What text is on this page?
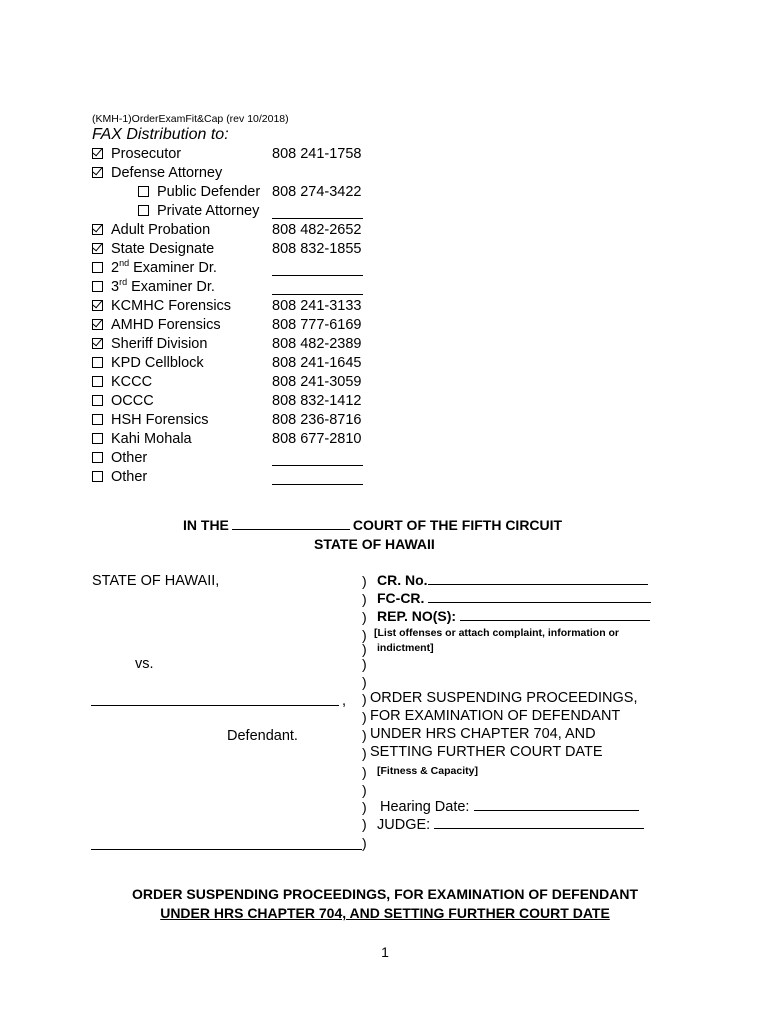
(KMH-1)OrderExamFit&Cap (rev 10/2018)
FAX Distribution to:
Prosecutor	808 241-1758
Defense Attorney
Public Defender 808 274-3422
Private Attorney
Adult Probation	808 482-2652
State Designate	808 832-1855
2nd Examiner Dr.
3rd Examiner Dr.
KCMHC Forensics	808 241-3133
AMHD Forensics	808 777-6169
Sheriff Division	808 482-2389
KPD Cellblock	808 241-1645
KCCC	808 241-3059
OCCC	808 832-1412
HSH Forensics	808 236-8716
Kahi Mohala	808 677-2810
Other
Other
IN THE	COURT OF THE FIFTH CIRCUIT
STATE OF HAWAII
STATE OF HAWAII,
vs.
,
Defendant.
)
)
)
)
)
)
)
)
)
)
)
)
)
)
)
)
CR. No.
FC-CR.
REP. NO(S):
[List offenses or attach complaint, information or
indictment]
ORDER SUSPENDING PROCEEDINGS,
FOR EXAMINATION OF DEFENDANT
UNDER HRS CHAPTER 704, AND
SETTING FURTHER COURT DATE
[Fitness & Capacity]
Hearing Date:
JUDGE:
ORDER SUSPENDING PROCEEDINGS, FOR EXAMINATION OF DEFENDANT
UNDER HRS CHAPTER 704, AND SETTING FURTHER COURT DATE
1
